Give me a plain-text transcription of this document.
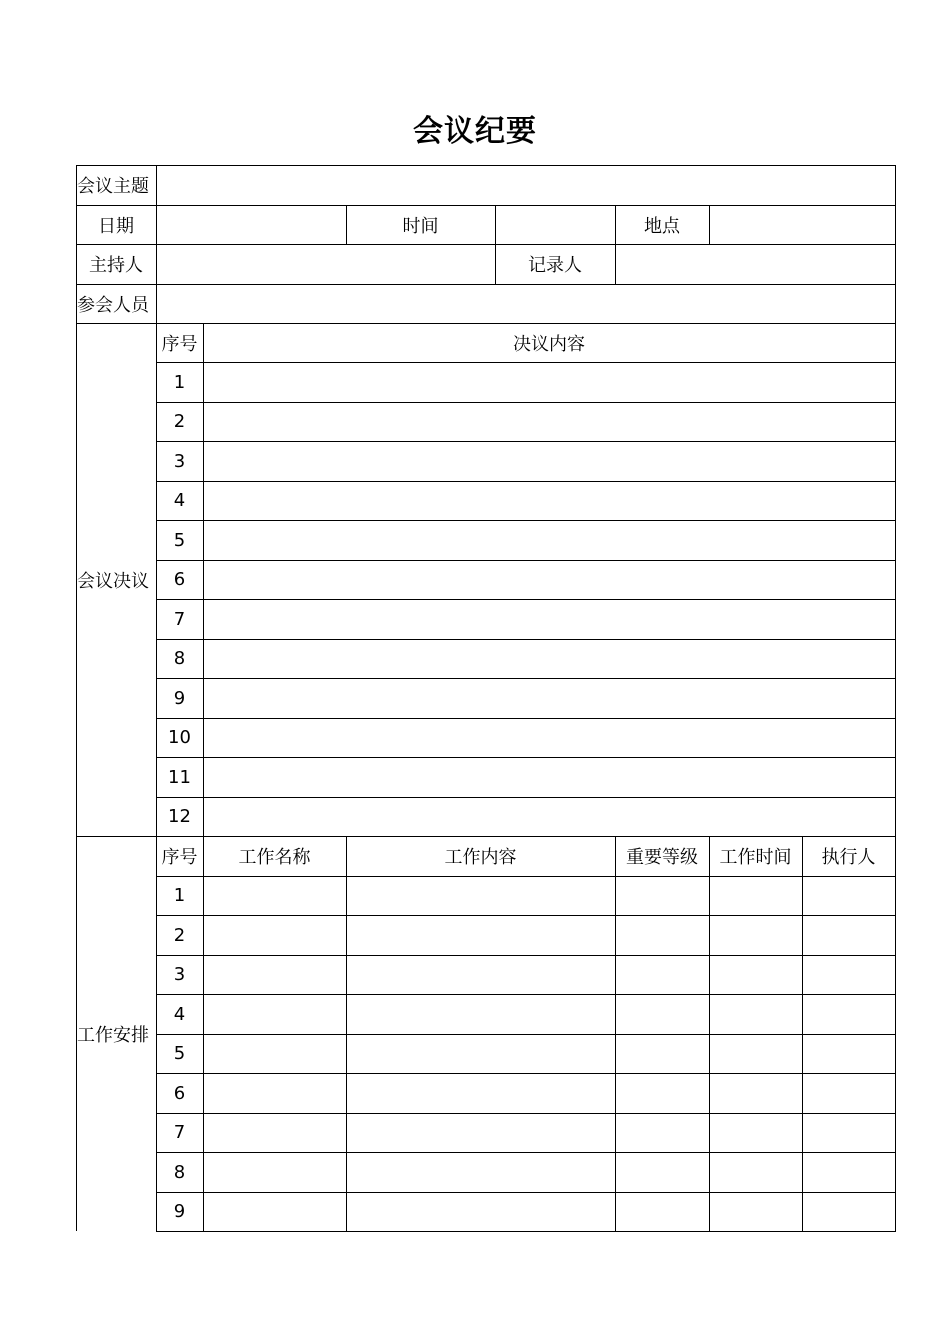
会议纪要
会议主题
日期	时间	地点
主持人	记录人
参会人员
会议决议
序号	决议内容
1
2
3
4
5
6
7
8
9
10
11
12
工作安排
序号	工作名称	工作内容	重要等级	工作时间	执行人
1
2
3
4
5
6
7
8
9
